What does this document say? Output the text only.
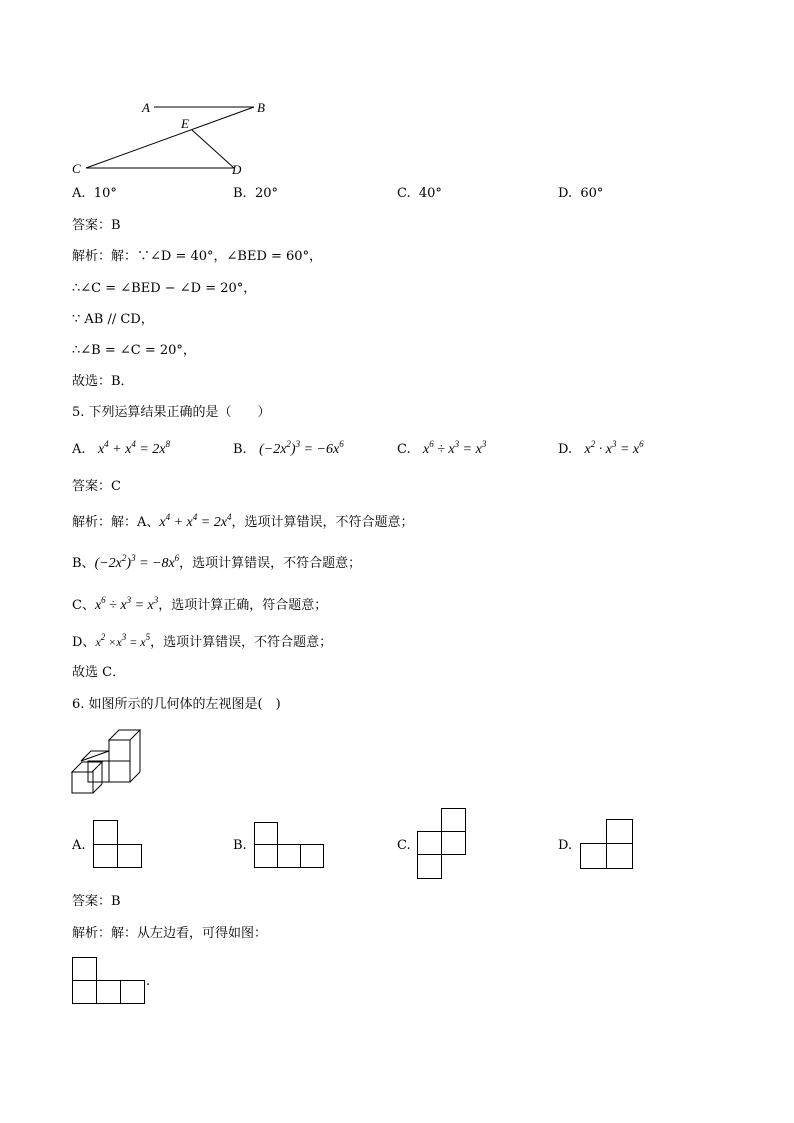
A	B
E
C	D
A. 10°	B. 20°	C. 40°	D. 60°
答案：B
解析：解：∵∠D = 40°，∠BED = 60°，
∴∠C = ∠BED − ∠D = 20°，
∵ AB // CD，
∴∠B = ∠C = 20°，
故选：B．
5. 下列运算结果正确的是（　　）
A. $x^4 + x^4 = 2x^8$	B. $(-2x^2)^3 = -6x^6$	C. $x^6 \div x^3 = x^3$	D. $x^2 \cdot x^3 = x^6$
答案：C
解析：解：A、$x^4 + x^4 = 2x^4$，选项计算错误，不符合题意；
B、$(-2x^2)^3 = -8x^6$，选项计算错误，不符合题意；
C、$x^6 \div x^3 = x^3$，选项计算正确，符合题意；
D、$x^2 \times x^3 = x^5$，选项计算错误，不符合题意；
故选 C．
6. 如图所示的几何体的左视图是(　)
A.	B.	C.	D.
答案：B
解析：解：从左边看，可得如图：
.
